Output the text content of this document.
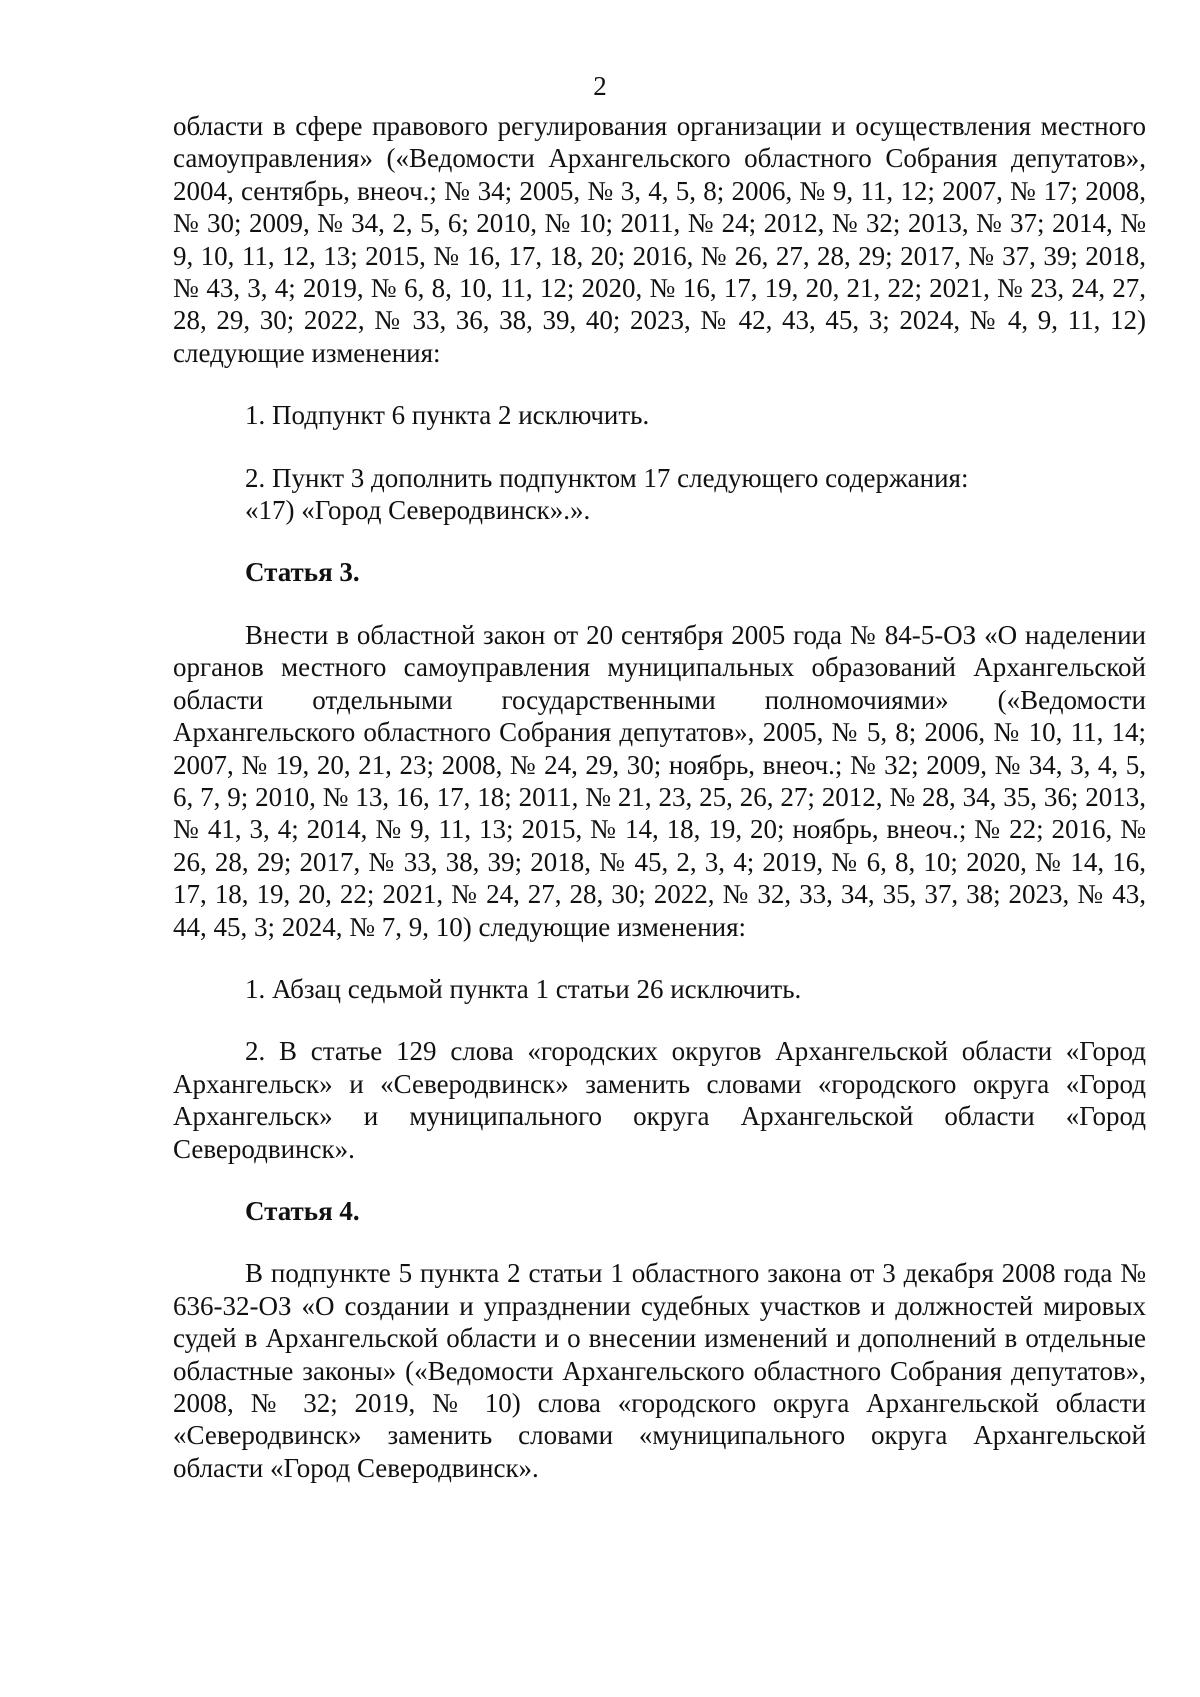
2

области в сфере правового регулирования организации и осуществления местного самоуправления» («Ведомости Архангельского областного Собрания депутатов», 2004, сентябрь, внеоч.; № 34; 2005, № 3, 4, 5, 8; 2006, № 9, 11, 12; 2007, № 17; 2008, № 30; 2009, № 34, 2, 5, 6; 2010, № 10; 2011, № 24; 2012, № 32; 2013, № 37; 2014, № 9, 10, 11, 12, 13; 2015, № 16, 17, 18, 20; 2016, № 26, 27, 28, 29; 2017, № 37, 39; 2018, № 43, 3, 4; 2019, № 6, 8, 10, 11, 12; 2020, № 16, 17, 19, 20, 21, 22; 2021, № 23, 24, 27, 28, 29, 30; 2022, № 33, 36, 38, 39, 40; 2023, № 42, 43, 45, 3; 2024, № 4, 9, 11, 12) следующие изменения:

1. Подпункт 6 пункта 2 исключить.

2. Пункт 3 дополнить подпунктом 17 следующего содержания:
«17) «Город Северодвинск».».

Статья 3.

Внести в областной закон от 20 сентября 2005 года № 84-5-ОЗ «О наделении органов местного самоуправления муниципальных образований Архангельской области отдельными государственными полномочиями» («Ведомости Архангельского областного Собрания депутатов», 2005, № 5, 8; 2006, № 10, 11, 14; 2007, № 19, 20, 21, 23; 2008, № 24, 29, 30; ноябрь, внеоч.; № 32; 2009, № 34, 3, 4, 5, 6, 7, 9; 2010, № 13, 16, 17, 18; 2011, № 21, 23, 25, 26, 27; 2012, № 28, 34, 35, 36; 2013, № 41, 3, 4; 2014, № 9, 11, 13; 2015, № 14, 18, 19, 20; ноябрь, внеоч.; № 22; 2016, № 26, 28, 29; 2017, № 33, 38, 39; 2018, № 45, 2, 3, 4; 2019, № 6, 8, 10; 2020, № 14, 16, 17, 18, 19, 20, 22; 2021, № 24, 27, 28, 30; 2022, № 32, 33, 34, 35, 37, 38; 2023, № 43, 44, 45, 3; 2024, № 7, 9, 10) следующие изменения:

1. Абзац седьмой пункта 1 статьи 26 исключить.

2. В статье 129 слова «городских округов Архангельской области «Город Архангельск» и «Северодвинск» заменить словами «городского округа «Город Архангельск» и муниципального округа Архангельской области «Город Северодвинск».

Статья 4.

В подпункте 5 пункта 2 статьи 1 областного закона от 3 декабря 2008 года № 636-32-ОЗ «О создании и упразднении судебных участков и должностей мировых судей в Архангельской области и о внесении изменений и дополнений в отдельные областные законы» («Ведомости Архангельского областного Собрания депутатов», 2008, № 32; 2019, № 10) слова «городского округа Архангельской области «Северодвинск» заменить словами «муниципального округа Архангельской области «Город Северодвинск».
